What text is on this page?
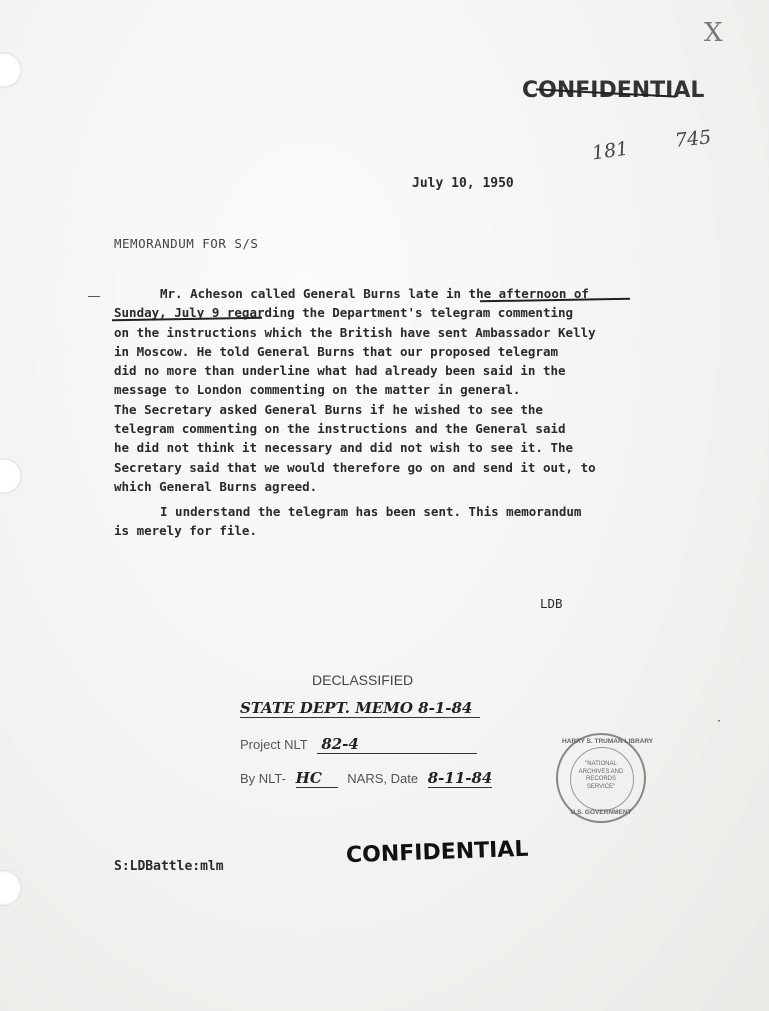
X
CONFIDENTIAL
181 745
July 10, 1950
MEMORANDUM FOR S/S
Mr. Acheson called General Burns late in the afternoon of
Sunday, July 9 regarding the Department's telegram commenting
on the instructions which the British have sent Ambassador Kelly
in Moscow. He told General Burns that our proposed telegram
did no more than underline what had already been said in the
message to London commenting on the matter in general.
The Secretary asked General Burns if he wished to see the
telegram commenting on the instructions and the General said
he did not think it necessary and did not wish to see it. The
Secretary said that we would therefore go on and send it out, to
which General Burns agreed.
I understand the telegram has been sent. This memorandum
is merely for file.
LDB
DECLASSIFIED
STATE DEPT. MEMO 8-1-84
Project NLT 82-4
By NLT- HC NARS, Date 8-11-84
HARRY S. TRUMAN LIBRARY
"NATIONAL
ARCHIVES AND
RECORDS
SERVICE"
U.S. GOVERNMENT
S:LDBattle:mlm	CONFIDENTIAL
·
